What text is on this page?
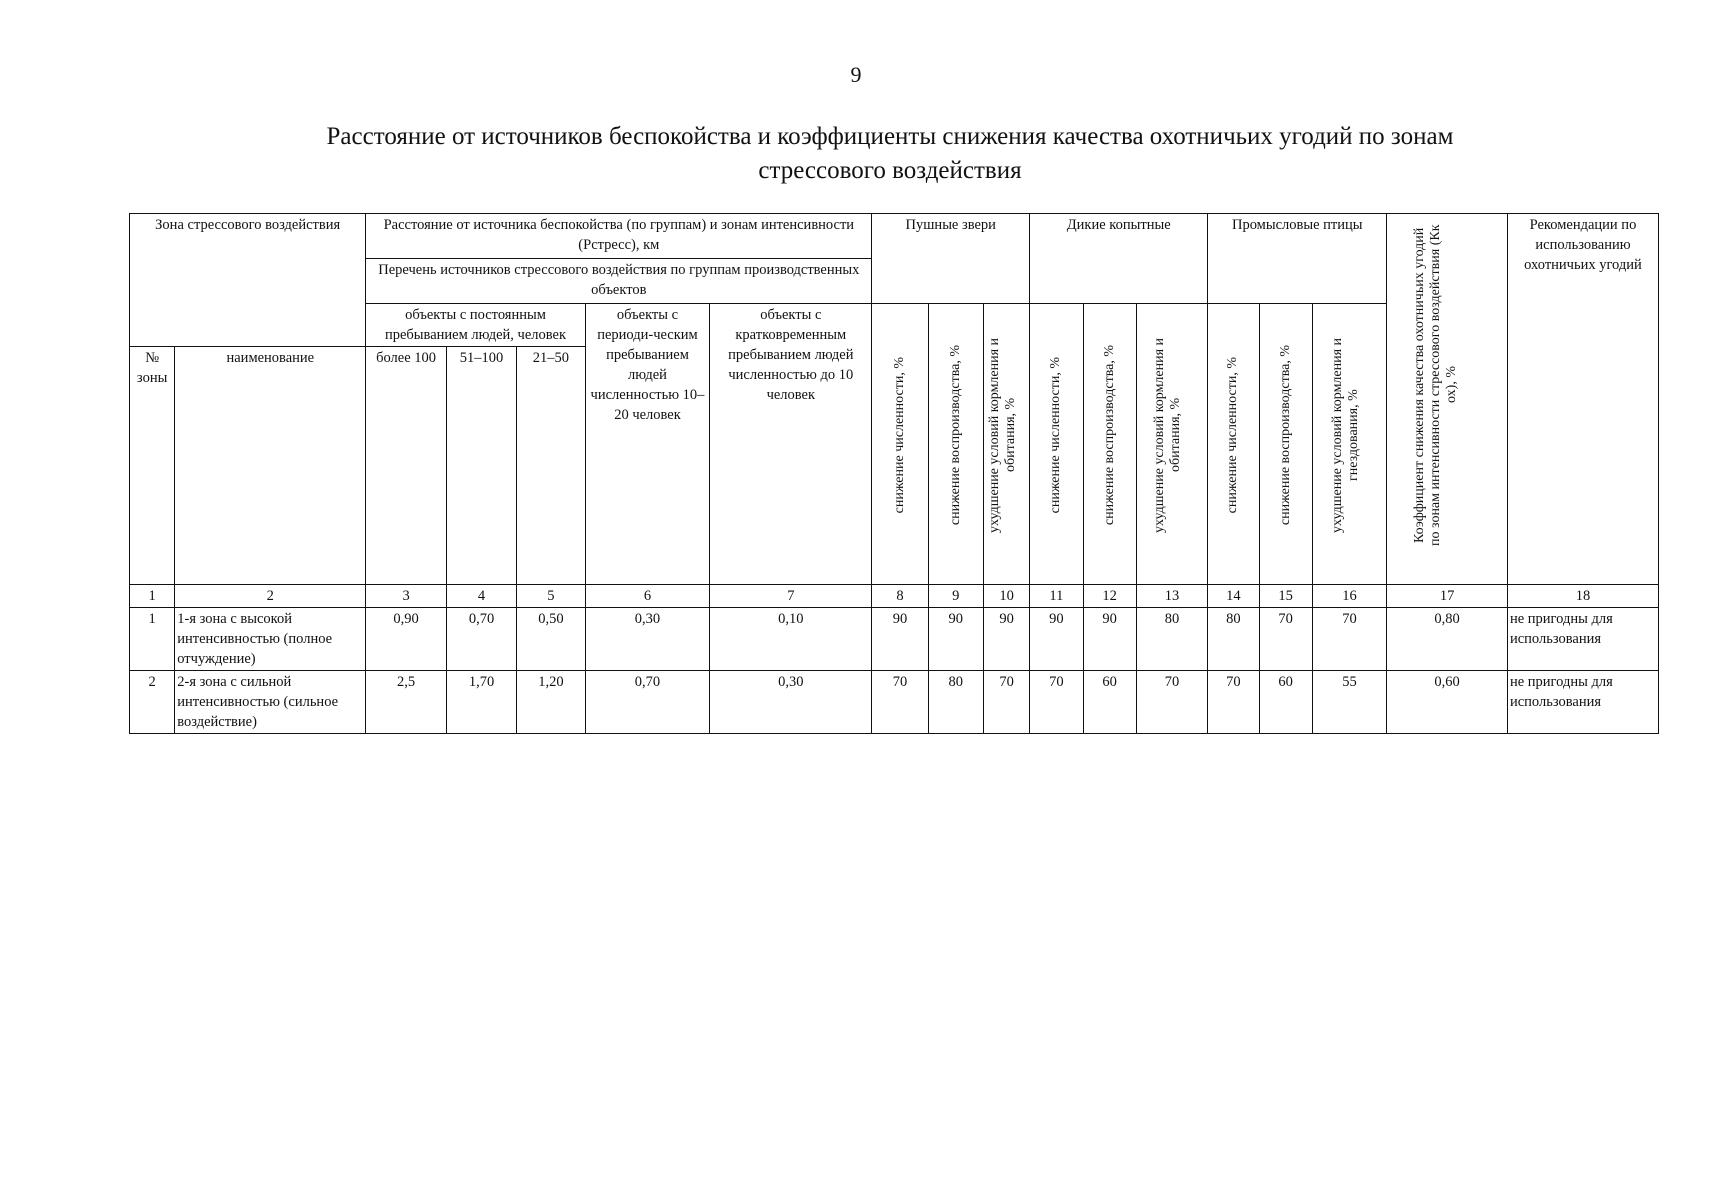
9
Расстояние от источников беспокойства и коэффициенты снижения качества охотничьих угодий по зонам
стрессового воздействия
Зона стрессового воздействия		Расстояние от источника беспокойства (по группам) и зонам интенсивности (Рстресс), км					Пушные звери			Дикие копытные			Промысловые птицы			Коэффициент снижения качества охотничьих угодий по зонам интенсивности стрессового воздействия (Кк ох), %	Рекомендации по использованию охотничьих угодий
		Перечень источников стрессового воздействия по группам производственных объектов															
		объекты с постоянным пребыванием людей, человек			объекты с периоди-ческим пребыванием людей численностью 10–20 человек	объекты с кратковременным пребыванием людей численностью до 10 человек	снижение численности, %	снижение воспроизводства, %	ухудшение условий кормления и обитания, %	снижение численности, %	снижение воспроизводства, %	ухудшение условий кормления и обитания, %	снижение численности, %	снижение воспроизводства, %	ухудшение условий кормления и гнездования, %		

№ зоны	наименование	более 100	51–100	21–50													
1	2	3	4	5	6	7	8	9	10	11	12	13	14	15	16	17	18
1	1-я зона с высокой интенсивностью (полное отчуждение)	0,90	0,70	0,50	0,30	0,10	90	90	90	90	90	80	80	70	70	0,80	не пригодны для использования
2	2-я зона с сильной интенсивностью (сильное воздействие)	2,5	1,70	1,20	0,70	0,30	70	80	70	70	60	70	70	60	55	0,60	не пригодны для использования
